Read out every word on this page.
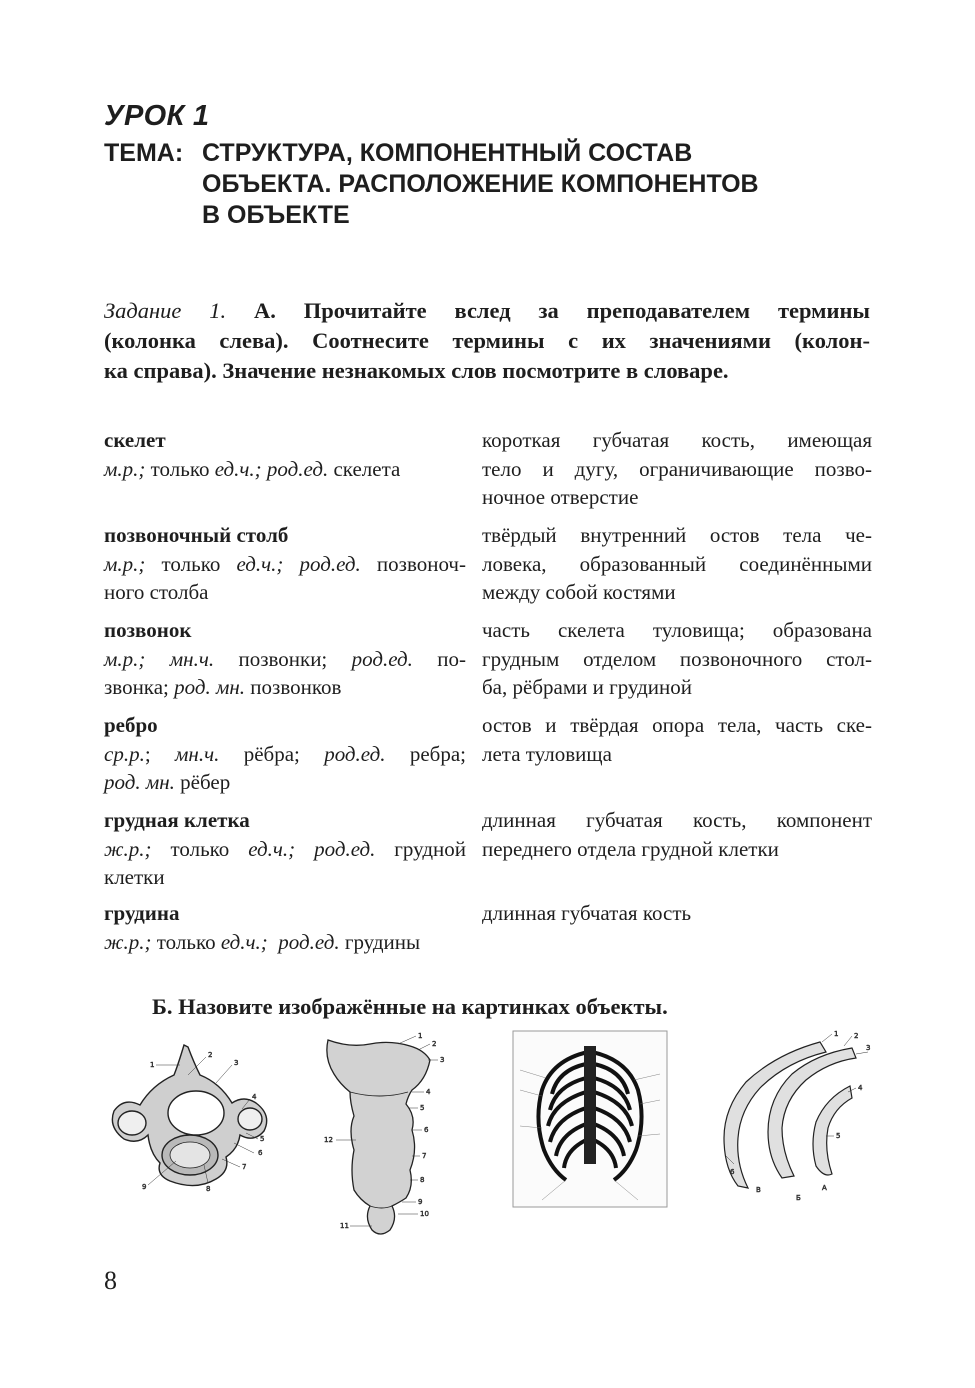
УРОК 1
ТЕМА: СТРУКТУРА, КОМПОНЕНТНЫЙ СОСТАВ
ОБЪЕКТА. РАСПОЛОЖЕНИЕ КОМПОНЕНТОВ
В ОБЪЕКТЕ
Задание 1. А. Прочитайте вслед за преподавателем термины
(колонка слева). Соотнесите термины с их значениями (колон-
ка справа). Значение незнакомых слов посмотрите в словаре.
скелет
м.р.; только ед.ч.; род.ед. скелета
короткая губчатая кость, имеющая
тело и дугу, ограничивающие позво-
ночное отверстие
позвоночный столб
м.р.; только ед.ч.; род.ед. позвоноч-
ного столба
твёрдый внутренний остов тела че-
ловека, образованный соединёнными
между собой костями
позвонок
м.р.; мн.ч. позвонки; род.ед. по-
звонка; род. мн. позвонков
часть скелета туловища; образована
грудным отделом позвоночного стол-
ба, рёбрами и грудиной
ребро
ср.р.; мн.ч. рёбра; род.ед. ребра;
род. мн. рёбер
остов и твёрдая опора тела, часть ске-
лета туловища
грудная клетка
ж.р.; только ед.ч.; род.ед. грудной
клетки
длинная губчатая кость, компонент
переднего отдела грудной клетки
грудина
ж.р.; только ед.ч.; род.ед. грудины
длинная губчатая кость
Б. Назовите изображённые на картинках объекты.
1
2
3
4
5
6
7
8
9
1
2
3
4
5
6
7
8
9
10
11
12
1 2
3
4
5
6
А
Б
В
8
